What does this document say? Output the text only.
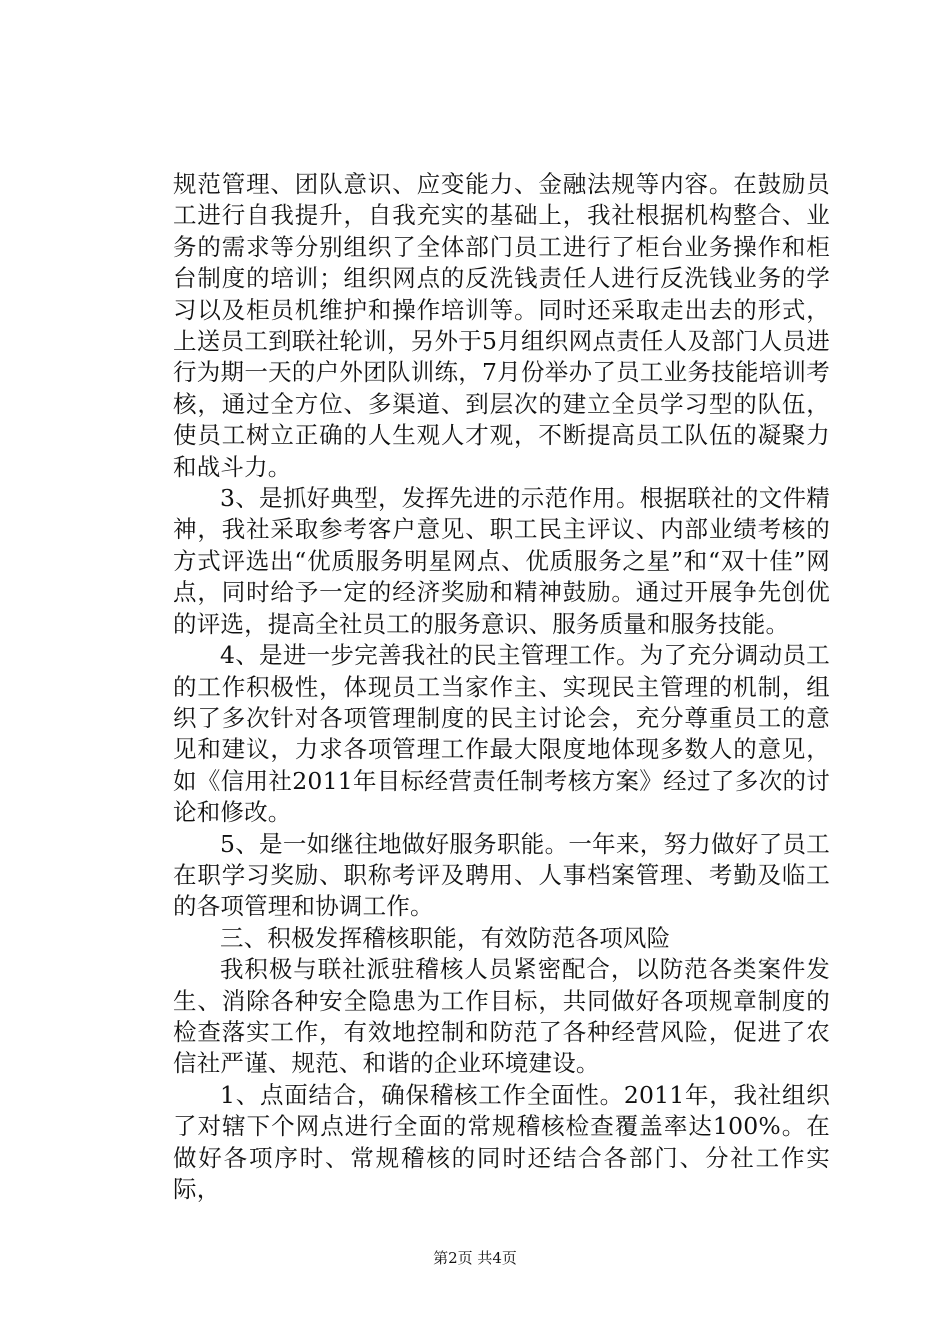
规范管理、团队意识、应变能力、金融法规等内容。在鼓励员工进行自我提升，自我充实的基础上，我社根据机构整合、业务的需求等分别组织了全体部门员工进行了柜台业务操作和柜台制度的培训；组织网点的反洗钱责任人进行反洗钱业务的学习以及柜员机维护和操作培训等。同时还采取走出去的形式，上送员工到联社轮训，另外于5月组织网点责任人及部门人员进行为期一天的户外团队训练，7月份举办了员工业务技能培训考核，通过全方位、多渠道、到层次的建立全员学习型的队伍，使员工树立正确的人生观人才观，不断提高员工队伍的凝聚力和战斗力。

3、是抓好典型，发挥先进的示范作用。根据联社的文件精神，我社采取参考客户意见、职工民主评议、内部业绩考核的方式评选出“优质服务明星网点、优质服务之星”和“双十佳”网点，同时给予一定的经济奖励和精神鼓励。通过开展争先创优的评选，提高全社员工的服务意识、服务质量和服务技能。

4、是进一步完善我社的民主管理工作。为了充分调动员工的工作积极性，体现员工当家作主、实现民主管理的机制，组织了多次针对各项管理制度的民主讨论会，充分尊重员工的意见和建议，力求各项管理工作最大限度地体现多数人的意见，如《信用社2011年目标经营责任制考核方案》经过了多次的讨论和修改。

5、是一如继往地做好服务职能。一年来，努力做好了员工在职学习奖励、职称考评及聘用、人事档案管理、考勤及临工的各项管理和协调工作。

三、积极发挥稽核职能，有效防范各项风险

我积极与联社派驻稽核人员紧密配合，以防范各类案件发生、消除各种安全隐患为工作目标，共同做好各项规章制度的检查落实工作，有效地控制和防范了各种经营风险，促进了农信社严谨、规范、和谐的企业环境建设。

1、点面结合，确保稽核工作全面性。2011年，我社组织了对辖下个网点进行全面的常规稽核检查覆盖率达100%。在做好各项序时、常规稽核的同时还结合各部门、分社工作实际，

第2页 共4页
